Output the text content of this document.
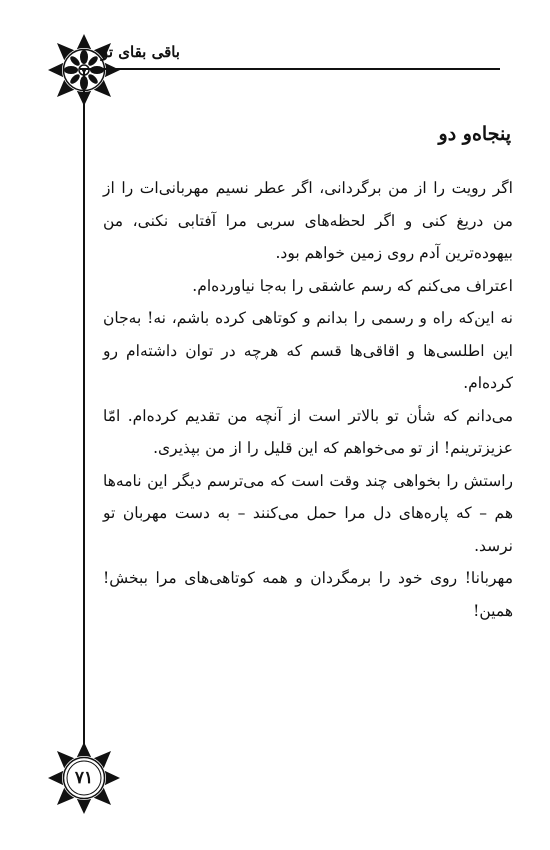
باقی بقای تو
پنجاه‌و دو

اگر رویت را از من برگردانی، اگر عطر نسیم مهربانی‌ات را از من دریغ کنی و اگر لحظه‌های سربی مرا آفتابی نکنی، من بیهوده‌ترین آدم روی زمین خواهم بود.

اعتراف می‌کنم که رسم عاشقی را به‌جا نیاورده‌ام.

نه این‌که راه و رسمی را بدانم و کوتاهی کرده باشم، نه! به‌جان این اطلسی‌ها و اقاقی‌ها قسم که هرچه در توان داشته‌ام رو کرده‌ام.

می‌دانم که شأن تو بالاتر است از آنچه من تقدیم کرده‌ام. امّا عزیزترینم! از تو می‌خواهم که این قلیل را از من بپذیری.

راستش را بخواهی چند وقت است که می‌ترسم دیگر این نامه‌ها هم – که پاره‌های دل مرا حمل می‌کنند – به دست مهربان تو نرسد.

مهربانا! روی خود را برمگردان و همه کوتاهی‌های مرا ببخش! همین!

۷۱
